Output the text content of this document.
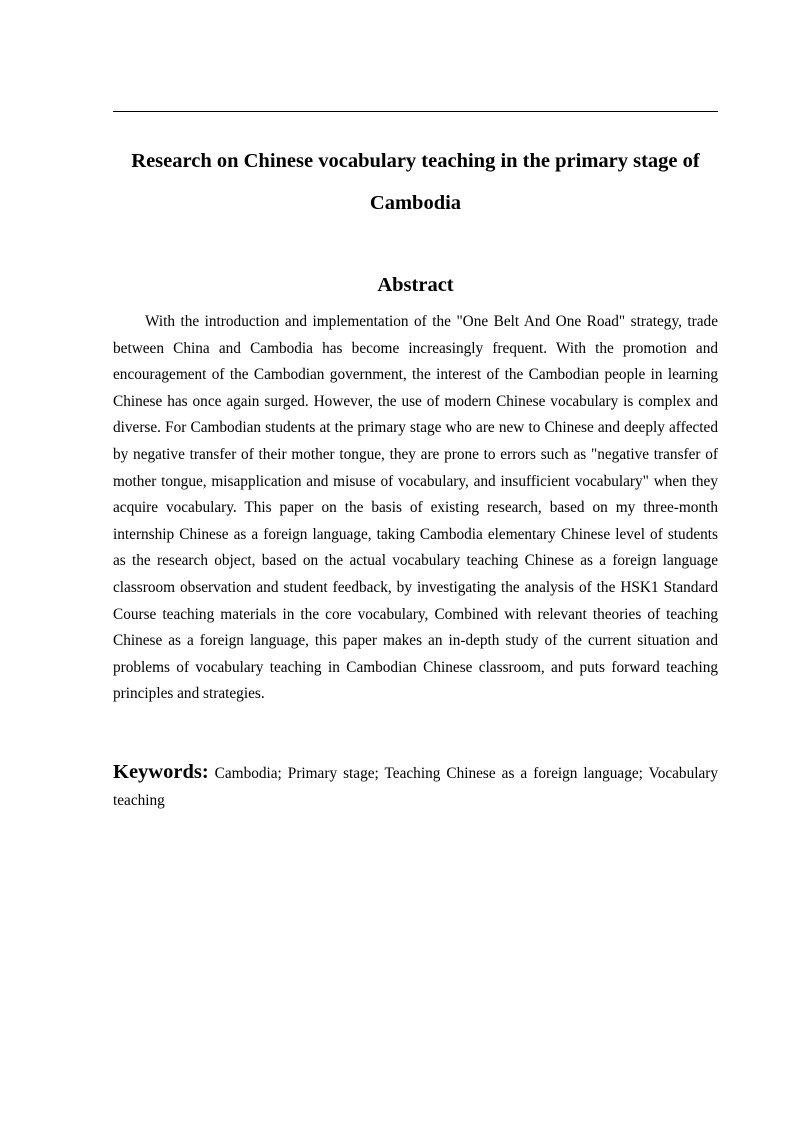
Research on Chinese vocabulary teaching in the primary stage of Cambodia
Abstract

With the introduction and implementation of the "One Belt And One Road" strategy, trade between China and Cambodia has become increasingly frequent. With the promotion and encouragement of the Cambodian government, the interest of the Cambodian people in learning Chinese has once again surged. However, the use of modern Chinese vocabulary is complex and diverse. For Cambodian students at the primary stage who are new to Chinese and deeply affected by negative transfer of their mother tongue, they are prone to errors such as "negative transfer of mother tongue, misapplication and misuse of vocabulary, and insufficient vocabulary" when they acquire vocabulary. This paper on the basis of existing research, based on my three-month internship Chinese as a foreign language, taking Cambodia elementary Chinese level of students as the research object, based on the actual vocabulary teaching Chinese as a foreign language classroom observation and student feedback, by investigating the analysis of the HSK1 Standard Course teaching materials in the core vocabulary, Combined with relevant theories of teaching Chinese as a foreign language, this paper makes an in-depth study of the current situation and problems of vocabulary teaching in Cambodian Chinese classroom, and puts forward teaching principles and strategies.

Keywords: Cambodia; Primary stage; Teaching Chinese as a foreign language; Vocabulary teaching
